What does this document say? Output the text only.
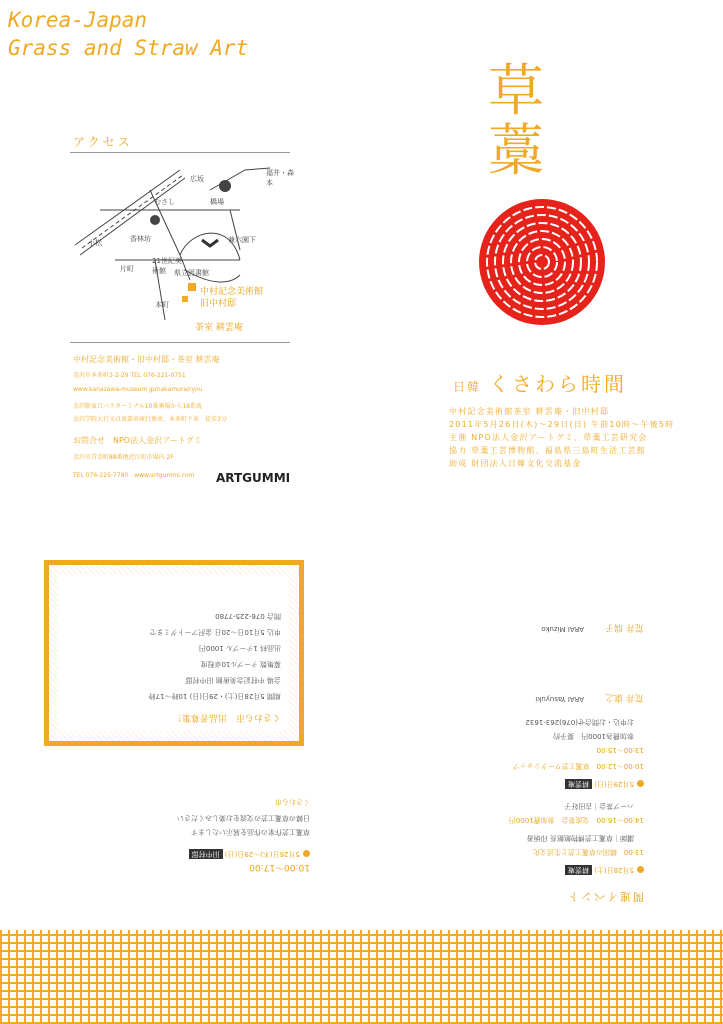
Korea-Japan
Grass and Straw Art
草
藁
アクセス
福井・森本
広坂
むさし	橋場
香林坊	兼六園下
小松
片町
21世紀美術館	県立図書館
本町
中村記念美術館
旧中村邸
茶室 耕雲庵
中村記念美術館・旧中村邸・茶室 耕雲庵
金沢市本多町3-2-29 TEL 076-221-0751
www.kanazawa-museum.jp/nakamura/ryou
金沢駅東口バスターミナル10番乗場から18系統
金沢学院大行又は東部車庫行乗車、本多町下車　徒歩3分
お問合せ　NPO法人金沢アートグミ
金沢市青草町88番地近江町市場内 2F
TEL 076-225-7780　www.artgummi.com	ARTGUMMI
日韓 くさわら時間
中村記念美術館茶室 耕雲庵・旧中村邸
2011年5月26日(木)〜29日(日) 午前10時〜午後5時
主催 NPO法人金沢アートグミ、草藁工芸研究会
協力 草藁工芸博物館、福島県三島町生活工芸館
助成 財団法人日韓文化交流基金
関連イベント
5月28日(土) 耕雲庵
13:00　韓国の草藁工芸と生活文化
講師｜草藁工芸博物館館長 印炳善
14:00〜16:00　交流茶会　参加費1000円
ハーブ茶会｜吉田好子
5月29日(日) 耕雲庵
10:00〜12:00　草藁工芸ワークショップ
13:00〜15:00
参加費各1000円　要予約
お申込・お問合せ(076)263-1632
荒井 康之
ARAI Yasuyuki
荒井 瑞子
ARAI Mizuko
10:00〜17:00
5月26日(木)〜29日(日) 旧中村邸
草藁工芸作家の作品を展示いたします
日韓の草藁工芸の交流をお楽しみください
くさわら市
くさわら市　出品者募集！
期間 5月28日(土)・29日(日) 10時〜17時
会場 中村記念美術館 旧中村邸
募集数 テーブル10卓程度
出品料 1テーブル 1000円
申込 5月10日〜20日 金沢アートグミまで
問合 076-225-7780
